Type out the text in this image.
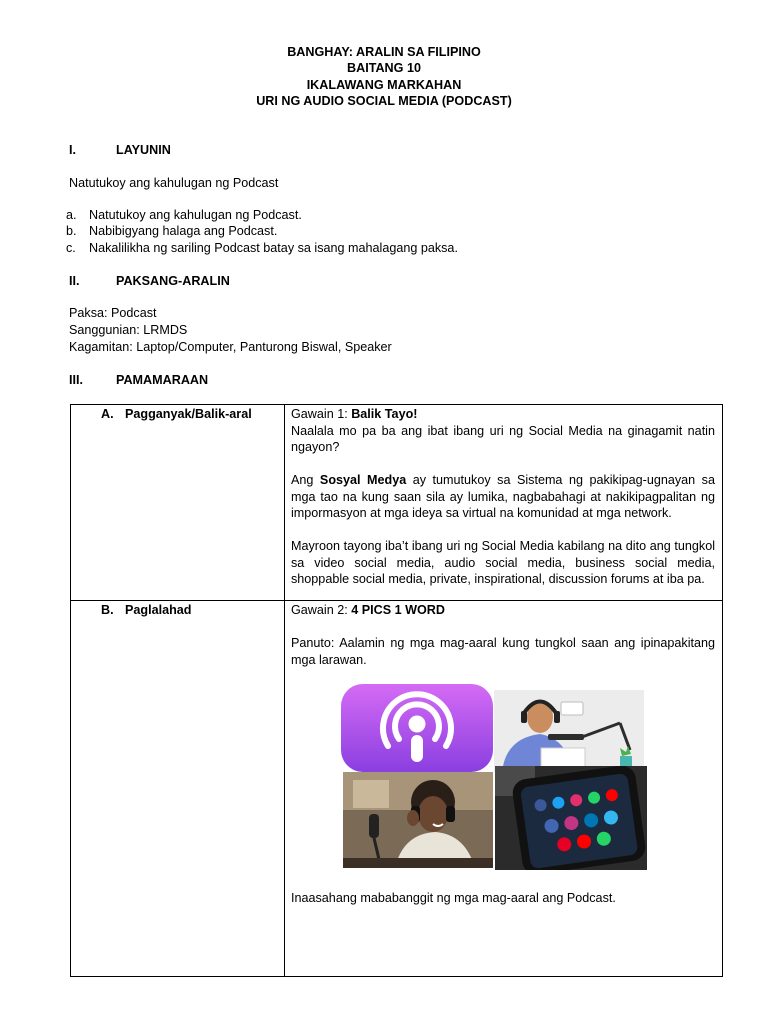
BANGHAY: ARALIN SA FILIPINO
BAITANG 10
IKALAWANG MARKAHAN
URI NG AUDIO SOCIAL MEDIA (PODCAST)
I.	LAYUNIN
Natutukoy ang kahulugan ng Podcast
a. Natutukoy ang kahulugan ng Podcast.
b. Nabibigyang halaga ang Podcast.
c. Nakalilikha ng sariling Podcast batay sa isang mahalagang paksa.
II.	PAKSANG-ARALIN
Paksa: Podcast
Sanggunian: LRMDS
Kagamitan: Laptop/Computer, Panturong Biswal, Speaker
III.	PAMAMARAAN
A. Pagganyak/Balik-aral	Gawain 1: Balik Tayo!

Naalala mo pa ba ang ibat ibang uri ng Social Media na ginagamit natin ngayon?

Ang Sosyal Medya ay tumutukoy sa Sistema ng pakikipag-ugnayan sa mga tao na kung saan sila ay lumika, nagbabahagi at nakikipagpalitan ng impormasyon at mga ideya sa virtual na komunidad at mga network.

Mayroon tayong iba’t ibang uri ng Social Media kabilang na dito ang tungkol sa video social media, audio social media, business social media, shoppable social media, private, inspirational, discussion forums at iba pa.

B. Paglalahad	Gawain 2: 4 PICS 1 WORD

Panuto: Aalamin ng mga mag-aaral kung tungkol saan ang ipinapakitang mga larawan.

Inaasahang mababanggit ng mga mag-aaral ang Podcast.
